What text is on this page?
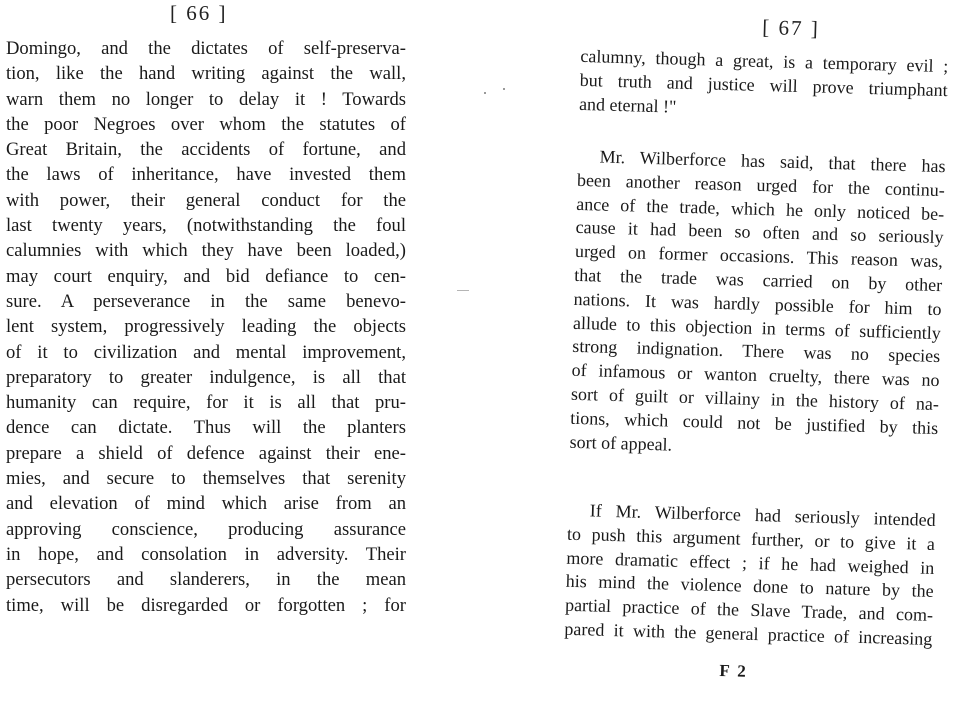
[ 66 ]
Domingo, and the dictates of self-preserva-
tion, like the hand writing against the wall,
warn them no longer to delay it ! Towards
the poor Negroes over whom the statutes of
Great Britain, the accidents of fortune, and
the laws of inheritance, have invested them
with power, their general conduct for the
last twenty years, (notwithstanding the foul
calumnies with which they have been loaded,)
may court enquiry, and bid defiance to cen-
sure. A perseverance in the same benevo-
lent system, progressively leading the objects
of it to civilization and mental improvement,
preparatory to greater indulgence, is all that
humanity can require, for it is all that pru-
dence can dictate. Thus will the planters
prepare a shield of defence against their ene-
mies, and secure to themselves that serenity
and elevation of mind which arise from an
approving conscience, producing assurance
in hope, and consolation in adversity. Their
persecutors and slanderers, in the mean
time, will be disregarded or forgotten ; for
[ 67 ]
calumny, though a great, is a temporary evil ;
but truth and justice will prove triumphant
and eternal !"
Mr. Wilberforce has said, that there has
been another reason urged for the continu-
ance of the trade, which he only noticed be-
cause it had been so often and so seriously
urged on former occasions. This reason was,
that the trade was carried on by other
nations. It was hardly possible for him to
allude to this objection in terms of sufficiently
strong indignation. There was no species
of infamous or wanton cruelty, there was no
sort of guilt or villainy in the history of na-
tions, which could not be justified by this
sort of appeal.
If Mr. Wilberforce had seriously intended
to push this argument further, or to give it a
more dramatic effect ; if he had weighed in
his mind the violence done to nature by the
partial practice of the Slave Trade, and com-
pared it with the general practice of increasing
F 2
